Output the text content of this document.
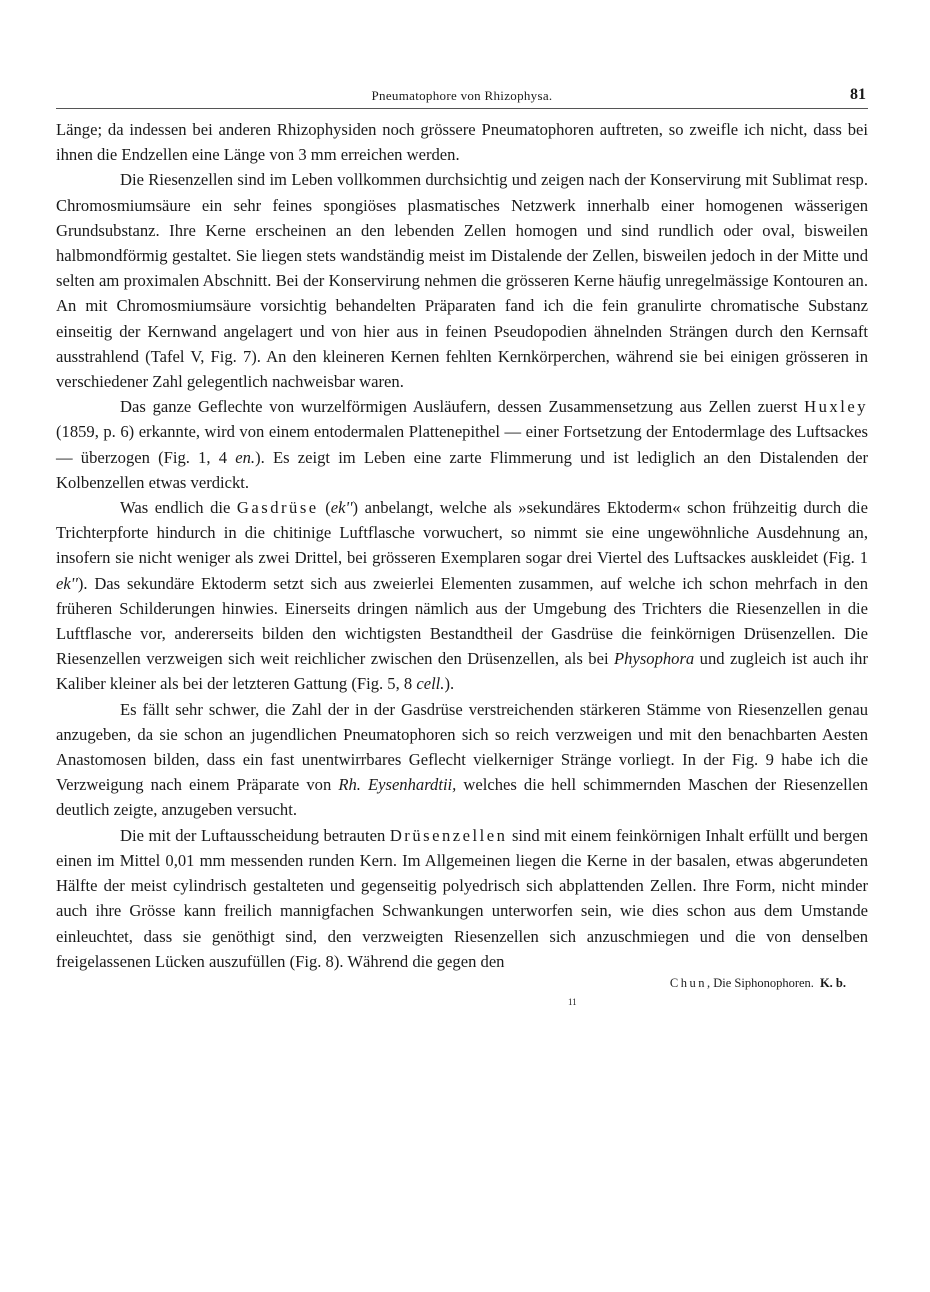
Pneumatophore von Rhizophysa.	81

Länge; da indessen bei anderen Rhizophysiden noch grössere Pneumatophoren auftreten, so zweifle ich nicht, dass bei ihnen die Endzellen eine Länge von 3 mm erreichen werden.

Die Riesenzellen sind im Leben vollkommen durchsichtig und zeigen nach der Konservirung mit Sublimat resp. Chromosmiumsäure ein sehr feines spongiöses plasmatisches Netzwerk innerhalb einer homogenen wässerigen Grundsubstanz. Ihre Kerne erscheinen an den lebenden Zellen homogen und sind rundlich oder oval, bisweilen halbmondförmig gestaltet. Sie liegen stets wandständig meist im Distalende der Zellen, bisweilen jedoch in der Mitte und selten am proximalen Abschnitt. Bei der Konservirung nehmen die grösseren Kerne häufig unregelmässige Kontouren an. An mit Chromosmiumsäure vorsichtig behandelten Präparaten fand ich die fein granulirte chromatische Substanz einseitig der Kernwand angelagert und von hier aus in feinen Pseudopodien ähnelnden Strängen durch den Kernsaft ausstrahlend (Tafel V, Fig. 7). An den kleineren Kernen fehlten Kernkörperchen, während sie bei einigen grösseren in verschiedener Zahl gelegentlich nachweisbar waren.

Das ganze Geflechte von wurzelförmigen Ausläufern, dessen Zusammensetzung aus Zellen zuerst Huxley (1859, p. 6) erkannte, wird von einem entodermalen Plattenepithel — einer Fortsetzung der Entodermlage des Luftsackes — überzogen (Fig. 1, 4 en.). Es zeigt im Leben eine zarte Flimmerung und ist lediglich an den Distalenden der Kolbenzellen etwas verdickt.

Was endlich die Gasdrüse (ek'') anbelangt, welche als »sekundäres Ektoderm« schon frühzeitig durch die Trichterpforte hindurch in die chitinige Luftflasche vorwuchert, so nimmt sie eine ungewöhnliche Ausdehnung an, insofern sie nicht weniger als zwei Drittel, bei grösseren Exemplaren sogar drei Viertel des Luftsackes auskleidet (Fig. 1 ek''). Das sekundäre Ektoderm setzt sich aus zweierlei Elementen zusammen, auf welche ich schon mehrfach in den früheren Schilderungen hinwies. Einerseits dringen nämlich aus der Umgebung des Trichters die Riesenzellen in die Luftflasche vor, andererseits bilden den wichtigsten Bestandtheil der Gasdrüse die feinkörnigen Drüsenzellen. Die Riesenzellen verzweigen sich weit reichlicher zwischen den Drüsenzellen, als bei Physophora und zugleich ist auch ihr Kaliber kleiner als bei der letzteren Gattung (Fig. 5, 8 cell.).

Es fällt sehr schwer, die Zahl der in der Gasdrüse verstreichenden stärkeren Stämme von Riesenzellen genau anzugeben, da sie schon an jugendlichen Pneumatophoren sich so reich verzweigen und mit den benachbarten Aesten Anastomosen bilden, dass ein fast unentwirrbares Geflecht vielkerniger Stränge vorliegt. In der Fig. 9 habe ich die Verzweigung nach einem Präparate von Rh. Eysenhardtii, welches die hell schimmernden Maschen der Riesenzellen deutlich zeigte, anzugeben versucht.

Die mit der Luftausscheidung betrauten Drüsenzellen sind mit einem feinkörnigen Inhalt erfüllt und bergen einen im Mittel 0,01 mm messenden runden Kern. Im Allgemeinen liegen die Kerne in der basalen, etwas abgerundeten Hälfte der meist cylindrisch gestalteten und gegenseitig polyedrisch sich abplattenden Zellen. Ihre Form, nicht minder auch ihre Grösse kann freilich mannigfachen Schwankungen unterworfen sein, wie dies schon aus dem Umstande einleuchtet, dass sie genöthigt sind, den verzweigten Riesenzellen sich anzuschmiegen und die von denselben freigelassenen Lücken auszufüllen (Fig. 8). Während die gegen den

Chun, Die Siphonophoren. K. b.
11
